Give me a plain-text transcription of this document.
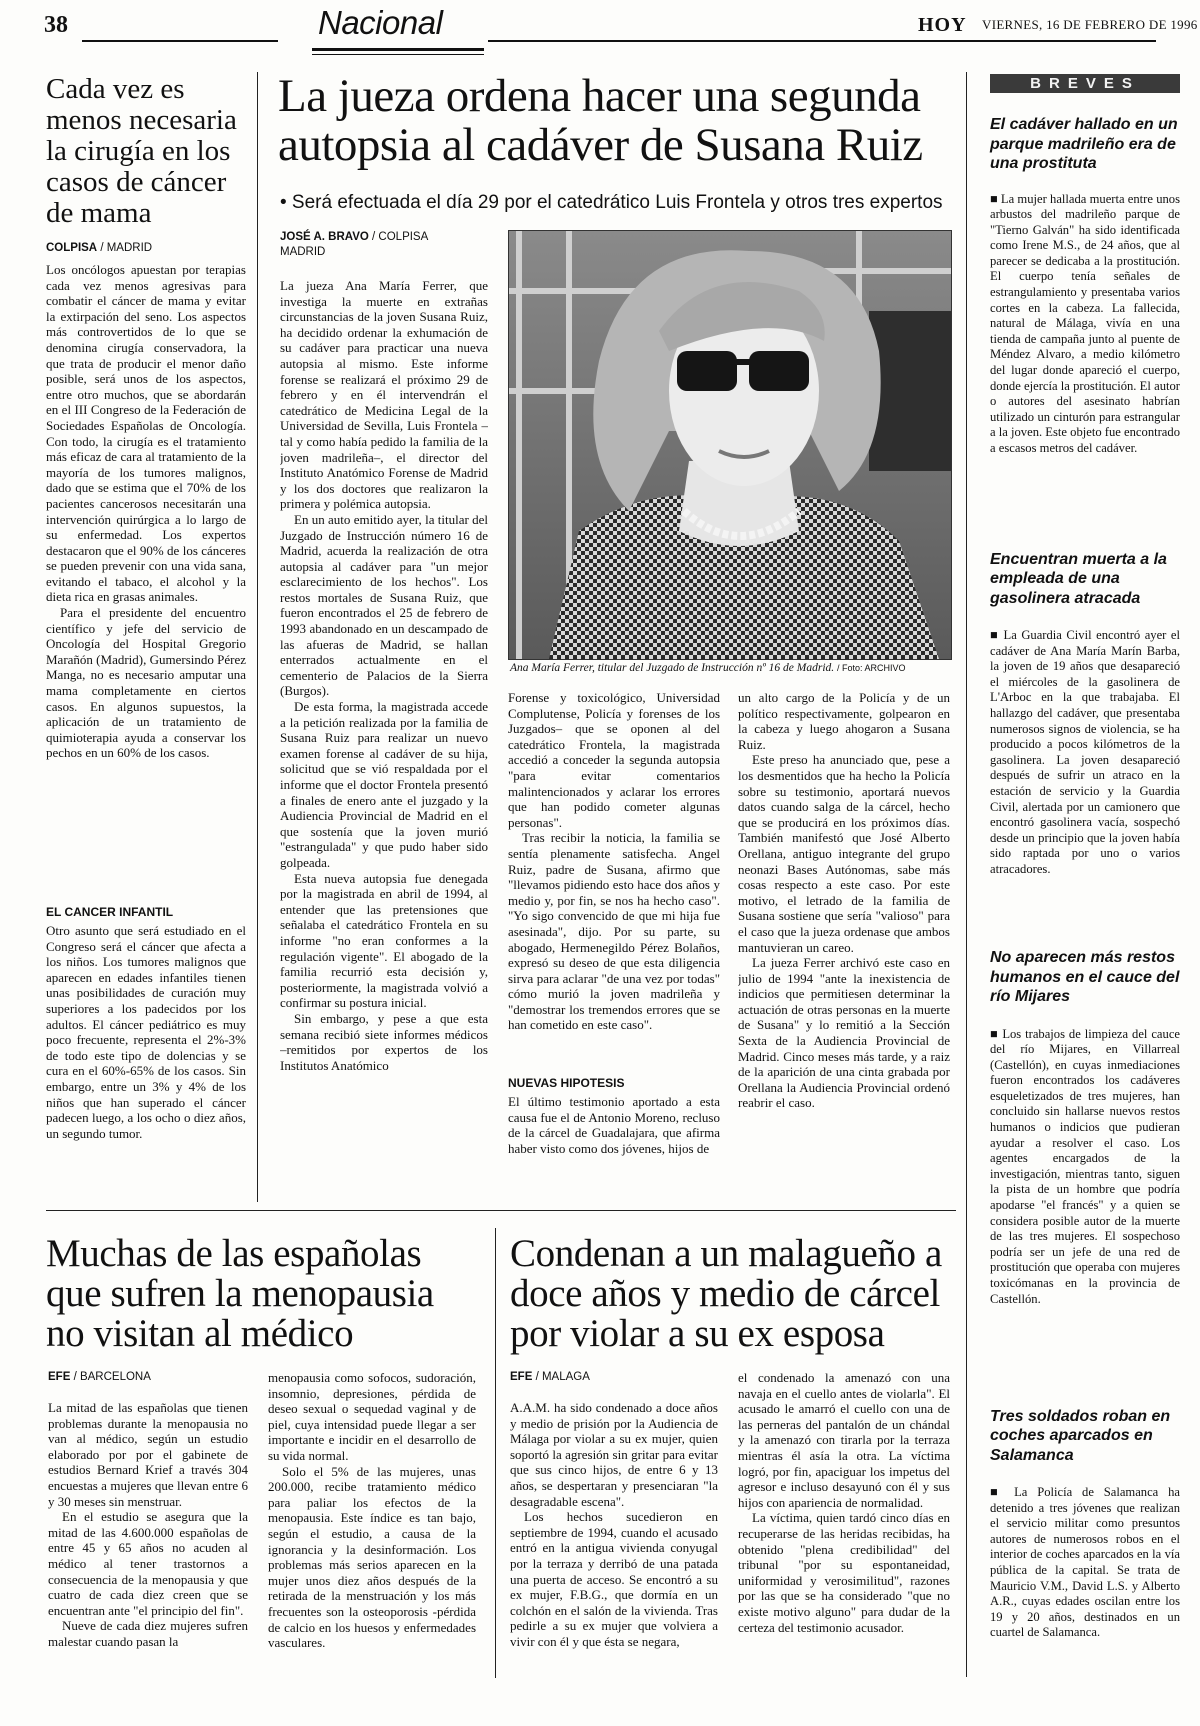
38	Nacional	HOY VIERNES, 16 DE FEBRERO DE 1996
Cada vez es menos necesaria la cirugía en los casos de cáncer de mama
COLPISA / MADRID

Los oncólogos apuestan por terapias cada vez menos agresivas para combatir el cáncer de mama y evitar la extirpación del seno. Los aspectos más controvertidos de lo que se denomina cirugía conservadora, la que trata de producir el menor daño posible, será unos de los aspectos, entre otro muchos, que se abordarán en el III Congreso de la Federación de Sociedades Españolas de Oncología. Con todo, la cirugía es el tratamiento más eficaz de cara al tratamiento de la mayoría de los tumores malignos, dado que se estima que el 70% de los pacientes cancerosos necesitarán una intervención quirúrgica a lo largo de su enfermedad. Los expertos destacaron que el 90% de los cánceres se pueden prevenir con una vida sana, evitando el tabaco, el alcohol y la dieta rica en grasas animales.

Para el presidente del encuentro científico y jefe del servicio de Oncología del Hospital Gregorio Marañón (Madrid), Gumersindo Pérez Manga, no es necesario amputar una mama completamente en ciertos casos. En algunos supuestos, la aplicación de un tratamiento de quimioterapia ayuda a conservar los pechos en un 60% de los casos.

EL CANCER INFANTIL

Otro asunto que será estudiado en el Congreso será el cáncer que afecta a los niños. Los tumores malignos que aparecen en edades infantiles tienen unas posibilidades de curación muy superiores a los padecidos por los adultos. El cáncer pediátrico es muy poco frecuente, representa el 2%-3% de todo este tipo de dolencias y se cura en el 60%-65% de los casos. Sin embargo, entre un 3% y 4% de los niños que han superado el cáncer padecen luego, a los ocho o diez años, un segundo tumor.

La jueza ordena hacer una segunda autopsia al cadáver de Susana Ruiz
• Será efectuada el día 29 por el catedrático Luis Frontela y otros tres expertos
JOSÉ A. BRAVO / COLPISA
MADRID

La jueza Ana María Ferrer, que investiga la muerte en extrañas circunstancias de la joven Susana Ruiz, ha decidido ordenar la exhumación de su cadáver para practicar una nueva autopsia al mismo. Este informe forense se realizará el próximo 29 de febrero y en él intervendrán el catedrático de Medicina Legal de la Universidad de Sevilla, Luis Frontela –tal y como había pedido la familia de la joven madrileña–, el director del Instituto Anatómico Forense de Madrid y los dos doctores que realizaron la primera y polémica autopsia.

En un auto emitido ayer, la titular del Juzgado de Instrucción número 16 de Madrid, acuerda la realización de otra autopsia al cadáver para "un mejor esclarecimiento de los hechos". Los restos mortales de Susana Ruiz, que fueron encontrados el 25 de febrero de 1993 abandonado en un descampado de las afueras de Madrid, se hallan enterrados actualmente en el cementerio de Palacios de la Sierra (Burgos).

De esta forma, la magistrada accede a la petición realizada por la familia de Susana Ruiz para realizar un nuevo examen forense al cadáver de su hija, solicitud que se vió respaldada por el informe que el doctor Frontela presentó a finales de enero ante el juzgado y la Audiencia Provincial de Madrid en el que sostenía que la joven murió "estrangulada" y que pudo haber sido golpeada.

Esta nueva autopsia fue denegada por la magistrada en abril de 1994, al entender que las pretensiones que señalaba el catedrático Frontela en su informe "no eran conformes a la regulación vigente". El abogado de la familia recurrió esta decisión y, posteriormente, la magistrada volvió a confirmar su postura inicial.

Sin embargo, y pese a que esta semana recibió siete informes médicos –remitidos por expertos de los Institutos Anatómico

Ana María Ferrer, titular del Juzgado de Instrucción nº 16 de Madrid. / Foto: ARCHIVO

Forense y toxicológico, Universidad Complutense, Policía y forenses de los Juzgados– que se oponen al del catedrático Frontela, la magistrada accedió a conceder la segunda autopsia "para evitar comentarios malintencionados y aclarar los errores que han podido cometer algunas personas".

Tras recibir la noticia, la familia se sentía plenamente satisfecha. Angel Ruiz, padre de Susana, afirmo que "llevamos pidiendo esto hace dos años y medio y, por fin, se nos ha hecho caso". "Yo sigo convencido de que mi hija fue asesinada", dijo. Por su parte, su abogado, Hermenegildo Pérez Bolaños, expresó su deseo de que esta diligencia sirva para aclarar "de una vez por todas" cómo murió la joven madrileña y "demostrar los tremendos errores que se han cometido en este caso".

NUEVAS HIPOTESIS

El último testimonio aportado a esta causa fue el de Antonio Moreno, recluso de la cárcel de Guadalajara, que afirma haber visto como dos jóvenes, hijos de

un alto cargo de la Policía y de un político respectivamente, golpearon en la cabeza y luego ahogaron a Susana Ruiz.

Este preso ha anunciado que, pese a los desmentidos que ha hecho la Policía sobre su testimonio, aportará nuevos datos cuando salga de la cárcel, hecho que se producirá en los próximos días. También manifestó que José Alberto Orellana, antiguo integrante del grupo neonazi Bases Autónomas, sabe más cosas respecto a este caso. Por este motivo, el letrado de la familia de Susana sostiene que sería "valioso" para el caso que la jueza ordenase que ambos mantuvieran un careo.

La jueza Ferrer archivó este caso en julio de 1994 "ante la inexistencia de indicios que permitiesen determinar la actuación de otras personas en la muerte de Susana" y lo remitió a la Sección Sexta de la Audiencia Provincial de Madrid. Cinco meses más tarde, y a raiz de la aparición de una cinta grabada por Orellana la Audiencia Provincial ordenó reabrir el caso.

Muchas de las españolas que sufren la menopausia no visitan al médico
EFE / BARCELONA

La mitad de las españolas que tienen problemas durante la menopausia no van al médico, según un estudio elaborado por por el gabinete de estudios Bernard Krief a través 304 encuestas a mujeres que llevan entre 6 y 30 meses sin menstruar.

En el estudio se asegura que la mitad de las 4.600.000 españolas de entre 45 y 65 años no acuden al médico al tener trastornos a consecuencia de la menopausia y que cuatro de cada diez creen que se encuentran ante "el principio del fin".

Nueve de cada diez mujeres sufren malestar cuando pasan la

menopausia como sofocos, sudoración, insomnio, depresiones, pérdida de deseo sexual o sequedad vaginal y de piel, cuya intensidad puede llegar a ser importante e incidir en el desarrollo de su vida normal.

Solo el 5% de las mujeres, unas 200.000, recibe tratamiento médico para paliar los efectos de la menopausia. Este índice es tan bajo, según el estudio, a causa de la ignorancia y la desinformación. Los problemas más serios aparecen en la mujer unos diez años después de la retirada de la menstruación y los más frecuentes son la osteoporosis -pérdida de calcio en los huesos y enfermedades vasculares.

Condenan a un malagueño a doce años y medio de cárcel por violar a su ex esposa
EFE / MALAGA

A.A.M. ha sido condenado a doce años y medio de prisión por la Audiencia de Málaga por violar a su ex mujer, quien soportó la agresión sin gritar para evitar que sus cinco hijos, de entre 6 y 13 años, se despertaran y presenciaran "la desagradable escena".

Los hechos sucedieron en septiembre de 1994, cuando el acusado entró en la antigua vivienda conyugal por la terraza y derribó de una patada una puerta de acceso. Se encontró a su ex mujer, F.B.G., que dormía en un colchón en el salón de la vivienda. Tras pedirle a su ex mujer que volviera a vivir con él y que ésta se negara,

el condenado la amenazó con una navaja en el cuello antes de violarla". El acusado le amarró el cuello con una de las perneras del pantalón de un chándal y la amenazó con tirarla por la terraza mientras él asía la otra. La víctima logró, por fin, apaciguar los impetus del agresor e incluso desayunó con él y sus hijos con apariencia de normalidad.

La víctima, quien tardó cinco días en recuperarse de las heridas recibidas, ha obtenido "plena credibilidad" del tribunal "por su espontaneidad, uniformidad y verosimilitud", razones por las que se ha considerado "que no existe motivo alguno" para dudar de la certeza del testimonio acusador.

BREVES
El cadáver hallado en un parque madrileño era de una prostituta

■ La mujer hallada muerta entre unos arbustos del madrileño parque de "Tierno Galván" ha sido identificada como Irene M.S., de 24 años, que al parecer se dedicaba a la prostitución. El cuerpo tenía señales de estrangulamiento y presentaba varios cortes en la cabeza. La fallecida, natural de Málaga, vivía en una tienda de campaña junto al puente de Méndez Alvaro, a medio kilómetro del lugar donde apareció el cuerpo, donde ejercía la prostitución. El autor o autores del asesinato habrían utilizado un cinturón para estrangular a la joven. Este objeto fue encontrado a escasos metros del cadáver.

Encuentran muerta a la empleada de una gasolinera atracada

■ La Guardia Civil encontró ayer el cadáver de Ana María Marín Barba, la joven de 19 años que desapareció el miércoles de la gasolinera de L'Arboc en la que trabajaba. El hallazgo del cadáver, que presentaba numerosos signos de violencia, se ha producido a pocos kilómetros de la gasolinera. La joven desapareció después de sufrir un atraco en la estación de servicio y la Guardia Civil, alertada por un camionero que encontró gasolinera vacía, sospechó desde un principio que la joven había sido raptada por uno o varios atracadores.

No aparecen más restos humanos en el cauce del río Mijares

■ Los trabajos de limpieza del cauce del río Mijares, en Villarreal (Castellón), en cuyas inmediaciones fueron encontrados los cadáveres esqueletizados de tres mujeres, han concluido sin hallarse nuevos restos humanos o indicios que pudieran ayudar a resolver el caso. Los agentes encargados de la investigación, mientras tanto, siguen la pista de un hombre que podría apodarse "el francés" y a quien se considera posible autor de la muerte de las tres mujeres. El sospechoso podría ser un jefe de una red de prostitución que operaba con mujeres toxicómanas en la provincia de Castellón.

Tres soldados roban en coches aparcados en Salamanca

■ La Policía de Salamanca ha detenido a tres jóvenes que realizan el servicio militar como presuntos autores de numerosos robos en el interior de coches aparcados en la vía pública de la capital. Se trata de Mauricio V.M., David L.S. y Alberto A.R., cuyas edades oscilan entre los 19 y 20 años, destinados en un cuartel de Salamanca.
